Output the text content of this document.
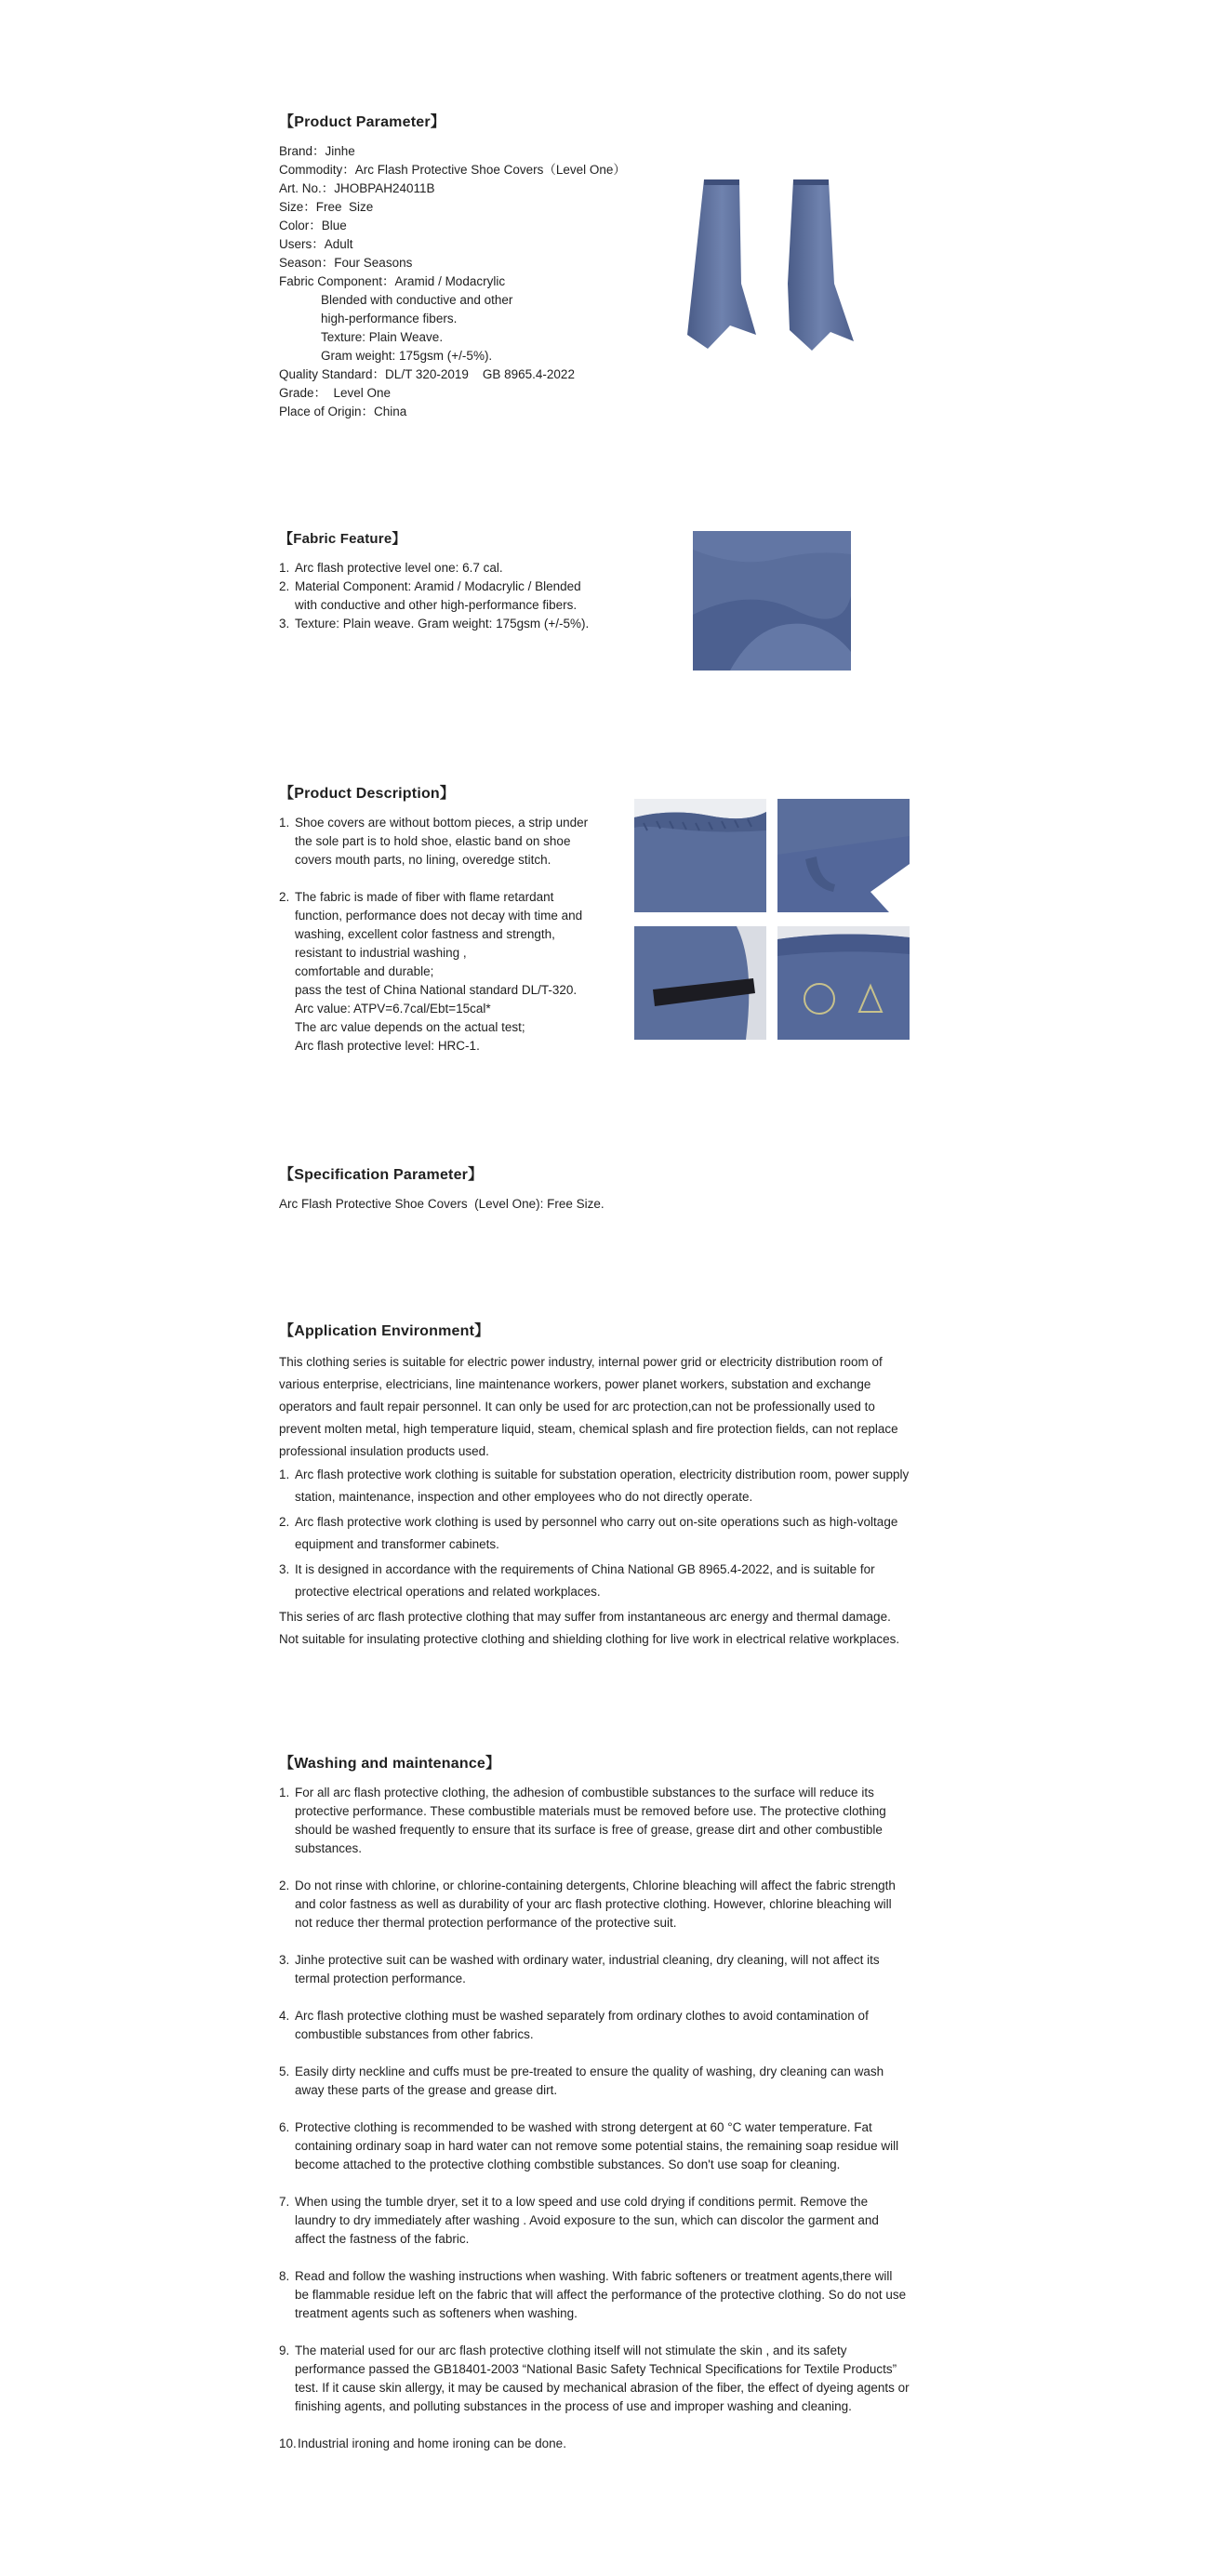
【Product Parameter】
Brand：Jinhe
Commodity：Arc Flash Protective Shoe Covers（Level One）
Art. No.：JHOBPAH24011B
Size：Free  Size
Color：Blue
Users：Adult
Season：Four Seasons
Fabric Component：Aramid / Modacrylic
Blended with conductive and other
high-performance fibers.
Texture: Plain Weave.
Gram weight: 175gsm (+/-5%).
Quality Standard：DL/T 320-2019    GB 8965.4-2022
Grade：  Level One
Place of Origin：China
【Fabric Feature】
1. Arc flash protective level one: 6.7 cal.
2. Material Component: Aramid / Modacrylic / Blended
with conductive and other high-performance fibers.
3. Texture: Plain weave. Gram weight: 175gsm (+/-5%).
【Product Description】
1. Shoe covers are without bottom pieces, a strip under
the sole part is to hold shoe, elastic band on shoe
covers mouth parts, no lining, overedge stitch.
2. The fabric is made of fiber with flame retardant
function, performance does not decay with time and
washing, excellent color fastness and strength,
resistant to industrial washing ,
comfortable and durable;
pass the test of China National standard DL/T-320.
Arc value: ATPV=6.7cal/Ebt=15cal*
The arc value depends on the actual test;
Arc flash protective level: HRC-1.
【Specification Parameter】
Arc Flash Protective Shoe Covers  (Level One): Free Size.
【Application Environment】

This clothing series is suitable for electric power industry, internal power grid or electricity distribution room of various enterprise, electricians, line maintenance workers, power planet workers, substation and exchange operators and fault repair personnel. It can only be used for arc protection,can not be professionally used to prevent molten metal, high temperature liquid, steam, chemical splash and fire protection fields, can not replace professional insulation products used.

1. Arc flash protective work clothing is suitable for substation operation, electricity distribution room, power supply station, maintenance, inspection and other employees who do not directly operate.
2. Arc flash protective work clothing is used by personnel who carry out on-site operations such as high-voltage equipment and transformer cabinets.
3. It is designed in accordance with the requirements of China National GB 8965.4-2022, and is suitable for protective electrical operations and related workplaces.

This series of arc flash protective clothing that may suffer from instantaneous arc energy and thermal damage. Not suitable for insulating protective clothing and shielding clothing for live work in electrical relative workplaces.

【Washing and maintenance】
1. For all arc flash protective clothing, the adhesion of combustible substances to the surface will reduce its protective performance. These combustible materials must be removed before use. The protective clothing should be washed frequently to ensure that its surface is free of grease, grease dirt and other combustible substances.
2. Do not rinse with chlorine, or chlorine-containing detergents, Chlorine bleaching will affect the fabric strength and color fastness as well as durability of your arc flash protective clothing. However, chlorine bleaching will not reduce ther thermal protection performance of the protective suit.
3. Jinhe protective suit can be washed with ordinary water, industrial cleaning, dry cleaning, will not affect its termal protection performance.
4. Arc flash protective clothing must be washed separately from ordinary clothes to avoid contamination of combustible substances from other fabrics.
5. Easily dirty neckline and cuffs must be pre-treated to ensure the quality of washing, dry cleaning can wash away these parts of the grease and grease dirt.
6. Protective clothing is recommended to be washed with strong detergent at 60 °C water temperature. Fat containing ordinary soap in hard water can not remove some potential stains, the remaining soap residue will become attached to the protective clothing combstible substances. So don't use soap for cleaning.
7. When using the tumble dryer, set it to a low speed and use cold drying if conditions permit. Remove the laundry to dry immediately after washing . Avoid exposure to the sun, which can discolor the garment and affect the fastness of the fabric.
8. Read and follow the washing instructions when washing. With fabric softeners or treatment agents,there will be flammable residue left on the fabric that will affect the performance of the protective clothing. So do not use treatment agents such as softeners when washing.
9. The material used for our arc flash protective clothing itself will not stimulate the skin , and its safety performance passed the GB18401-2003 “National Basic Safety Technical Specifications for Textile Products” test. If it cause skin allergy, it may be caused by mechanical abrasion of the fiber, the effect of dyeing agents or finishing agents, and polluting substances in the process of use and improper washing and cleaning.
10. Industrial ironing and home ironing can be done.
